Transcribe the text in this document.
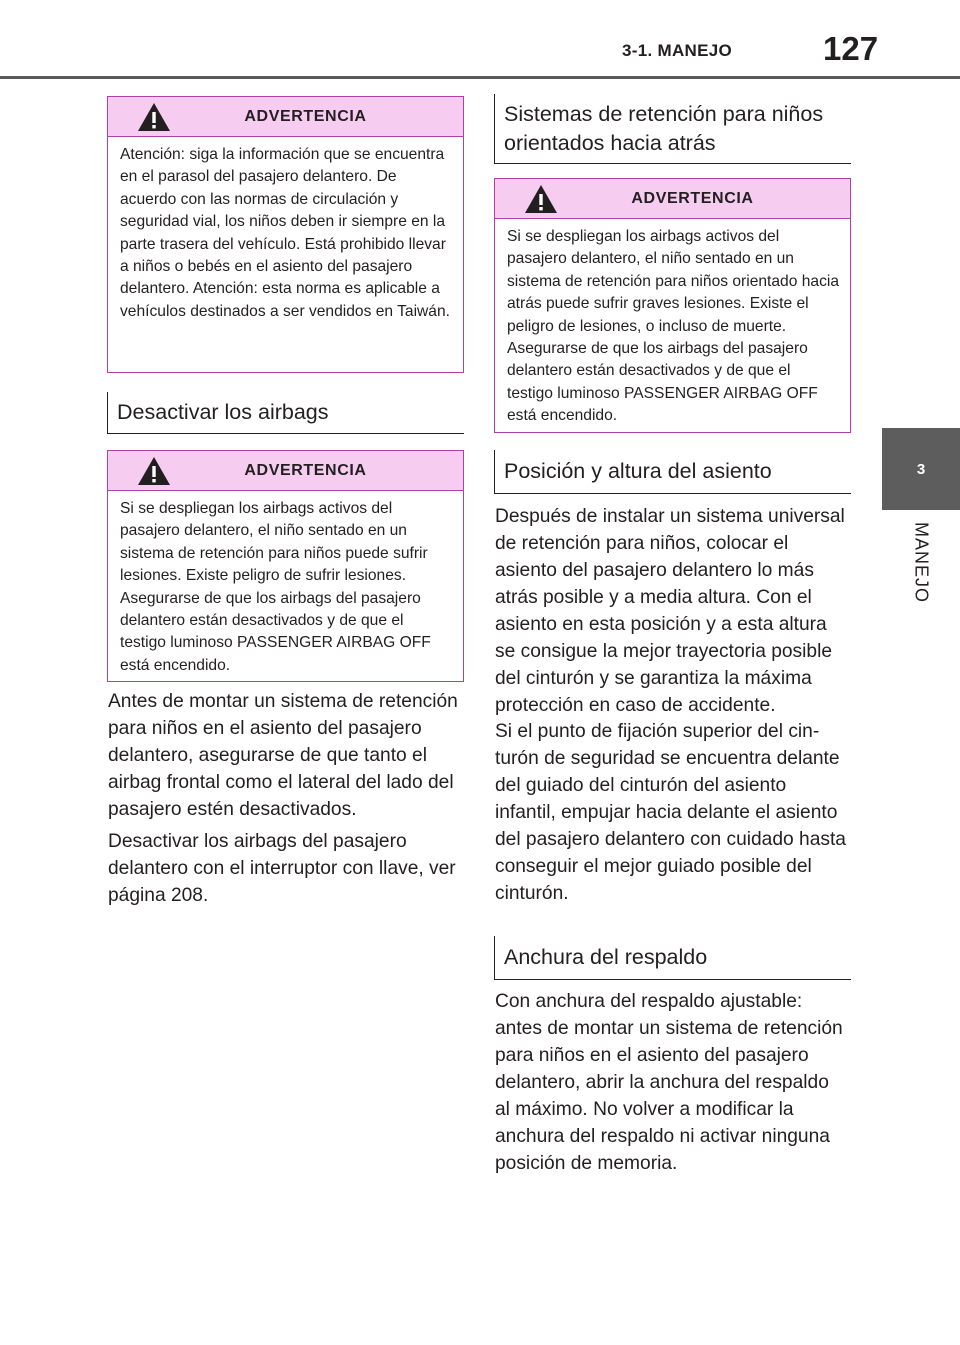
3-1. MANEJO	127
3
MANEJO
ADVERTENCIA
Atención: siga la información que se encuentra en el parasol del pasajero delantero. De acuerdo con las normas de circulación y seguridad vial, los niños deben ir siempre en la parte trasera del vehículo. Está prohibido llevar a niños o bebés en el asiento del pasajero delantero. Atención: esta norma es aplicable a vehículos destinados a ser vendidos en Taiwán.
Desactivar los airbags
ADVERTENCIA
Si se despliegan los airbags activos del pasajero delantero, el niño sentado en un sistema de retención para niños puede sufrir lesiones. Existe peligro de sufrir lesiones. Asegurarse de que los airbags del pasajero delantero están desactivados y de que el testigo luminoso PASSENGER AIRBAG OFF está encendido.

Antes de montar un sistema de retención para niños en el asiento del pasajero delantero, asegurarse de que tanto el airbag frontal como el lateral del lado del pasajero estén desactivados.

Desactivar los airbags del pasajero delantero con el interruptor con llave, ver página 208.

Sistemas de retención para niños orientados hacia atrás
ADVERTENCIA
Si se despliegan los airbags activos del pasajero delantero, el niño sentado en un sistema de retención para niños orientado hacia atrás puede sufrir graves lesiones. Existe el peligro de lesiones, o incluso de muerte. Asegurarse de que los airbags del pasajero delantero están desactivados y de que el testigo luminoso PASSENGER AIRBAG OFF está encendido.
Posición y altura del asiento

Después de instalar un sistema universal de retención para niños, colocar el asiento del pasajero delantero lo más atrás posible y a media altura. Con el asiento en esta posición y a esta altura se consigue la mejor trayectoria posible del cinturón y se garantiza la máxima protección en caso de accidente.

Si el punto de fijación superior del cinturón de seguridad se encuentra delante del guiado del cinturón del asiento infantil, empujar hacia delante el asiento del pasajero delantero con cuidado hasta conseguir el mejor guiado posible del cinturón.

Anchura del respaldo

Con anchura del respaldo ajustable: antes de montar un sistema de retención para niños en el asiento del pasajero delantero, abrir la anchura del respaldo al máximo. No volver a modificar la anchura del respaldo ni activar ninguna posición de memoria.
